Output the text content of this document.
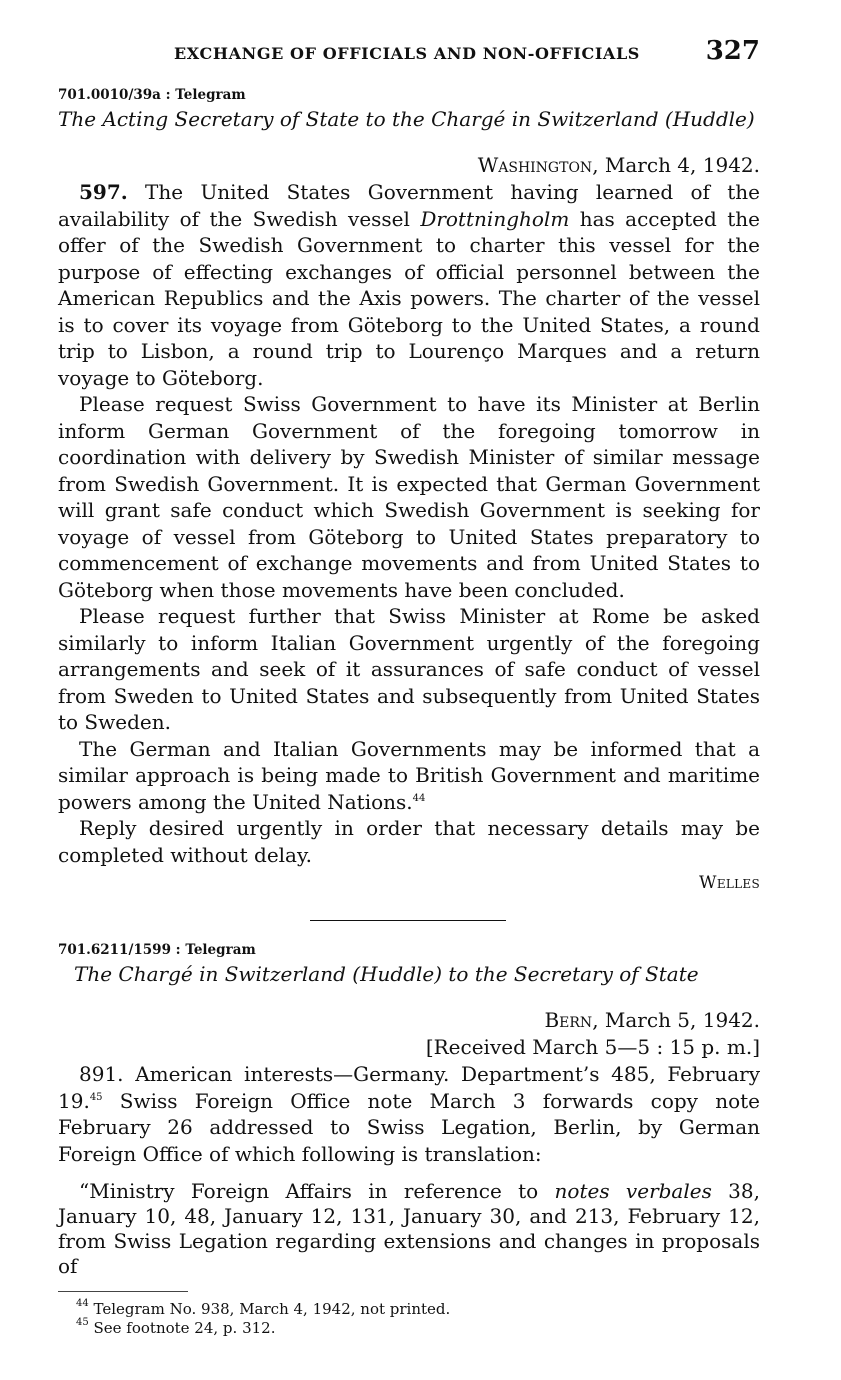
EXCHANGE OF OFFICIALS AND NON-OFFICIALS	327
701.0010/39a : Telegram
The Acting Secretary of State to the Chargé in Switzerland (Huddle)
Washington, March 4, 1942.

597. The United States Government having learned of the availability of the Swedish vessel Drottningholm has accepted the offer of the Swedish Government to charter this vessel for the purpose of effecting exchanges of official personnel between the American Republics and the Axis powers. The charter of the vessel is to cover its voyage from Göteborg to the United States, a round trip to Lisbon, a round trip to Lourenço Marques and a return voyage to Göteborg.

Please request Swiss Government to have its Minister at Berlin inform German Government of the foregoing tomorrow in coordination with delivery by Swedish Minister of similar message from Swedish Government. It is expected that German Government will grant safe conduct which Swedish Government is seeking for voyage of vessel from Göteborg to United States preparatory to commencement of exchange movements and from United States to Göteborg when those movements have been concluded.

Please request further that Swiss Minister at Rome be asked similarly to inform Italian Government urgently of the foregoing arrangements and seek of it assurances of safe conduct of vessel from Sweden to United States and subsequently from United States to Sweden.

The German and Italian Governments may be informed that a similar approach is being made to British Government and maritime powers among the United Nations.$^{44}$

Reply desired urgently in order that necessary details may be completed without delay.

Welles
701.6211/1599 : Telegram
The Chargé in Switzerland (Huddle) to the Secretary of State
Bern, March 5, 1942.
[Received March 5—5 : 15 p. m.]

891. American interests—Germany. Department’s 485, February 19.45 Swiss Foreign Office note March 3 forwards copy note February 26 addressed to Swiss Legation, Berlin, by German Foreign Office of which following is translation:

“Ministry Foreign Affairs in reference to notes verbales 38, January 10, 48, January 12, 131, January 30, and 213, February 12, from Swiss Legation regarding extensions and changes in proposals of

$^{44}$ Telegram No. 938, March 4, 1942, not printed.
$^{45}$ See footnote 24, p. 312.
